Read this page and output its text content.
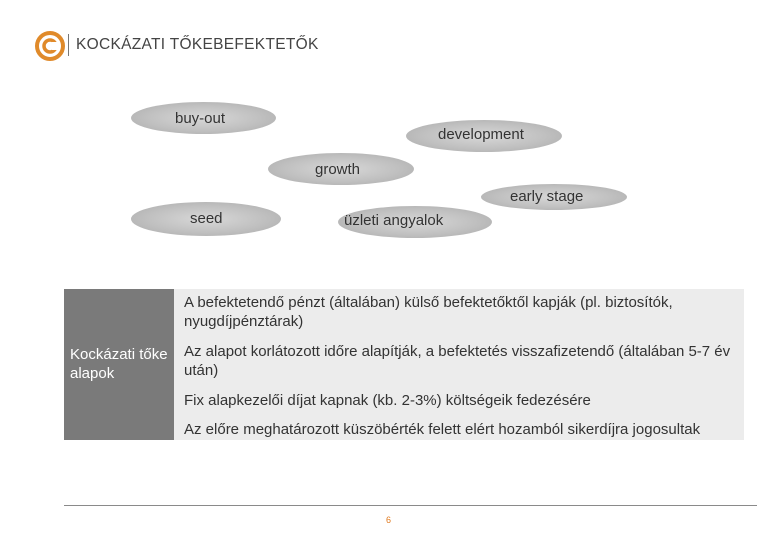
KOCKÁZATI TŐKEBEFEKTETŐK
buy-out
development
growth
early stage
seed	üzleti angyalok
Kockázati tőke alapok
A befektetendő pénzt (általában) külső befektetőktől kapják (pl. biztosítók, nyugdíjpénztárak)
Az alapot korlátozott időre alapítják, a befektetés visszafizetendő (általában 5-7 év után)
Fix alapkezelői díjat kapnak (kb. 2-3%) költségeik fedezésére
Az előre meghatározott küszöbérték felett elért hozamból sikerdíjra jogosultak
6
